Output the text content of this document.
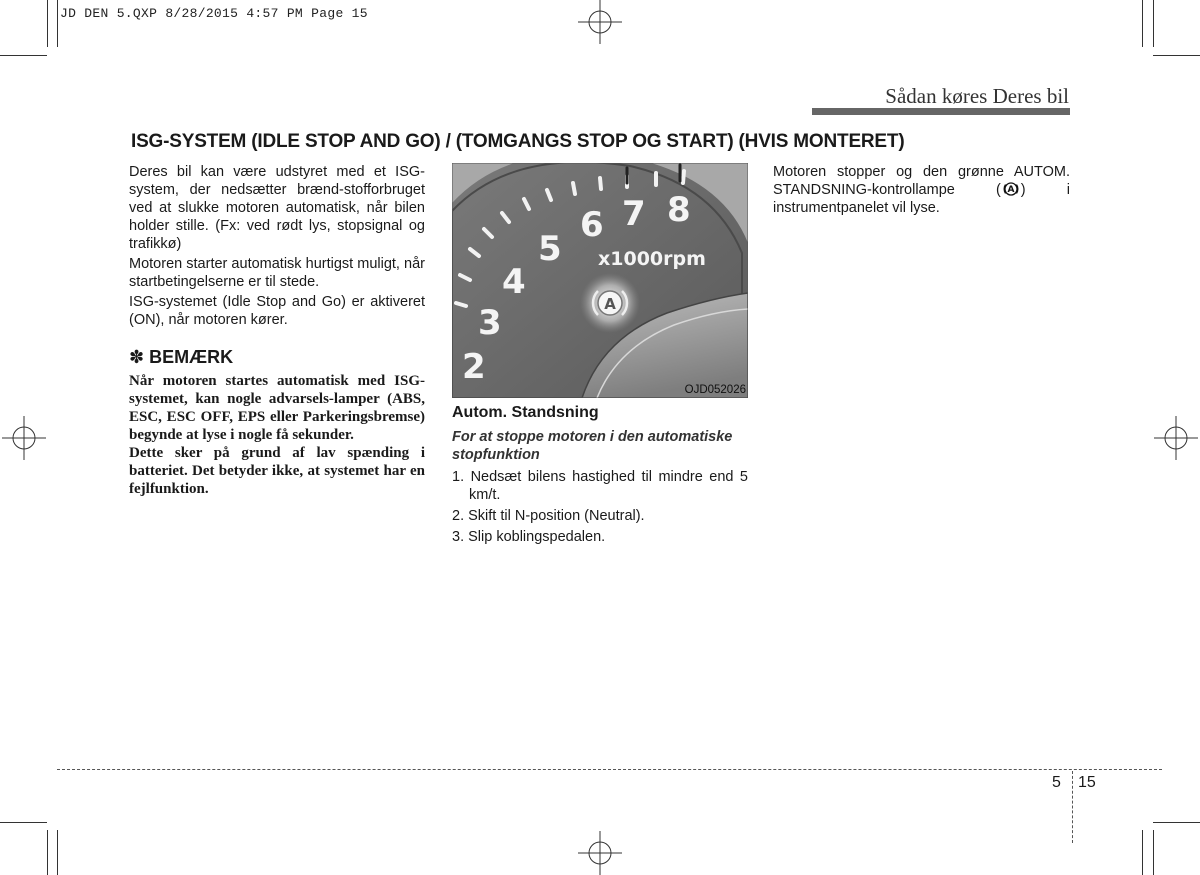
JD DEN 5.QXP 8/28/2015 4:57 PM Page 15
Sådan køres Deres bil
ISG-SYSTEM (IDLE STOP AND GO) / (TOMGANGS STOP OG START) (HVIS MONTERET)

Deres bil kan være udstyret med et ISG-system, der nedsætter brænd-stofforbruget ved at slukke motoren automatisk, når bilen holder stille. (Fx: ved rødt lys, stopsignal og trafikkø)

Motoren starter automatisk hurtigst muligt, når startbetingelserne er til stede.

ISG-systemet (Idle Stop and Go) er aktiveret (ON), når motoren kører.

✽ BEMÆRK

Når motoren startes automatisk med ISG-systemet, kan nogle advarsels-lamper (ABS, ESC, ESC OFF, EPS eller Parkeringsbremse) begynde at lyse i nogle få sekunder.

Dette sker på grund af lav spænding i batteriet. Det betyder ikke, at systemet har en fejlfunktion.

2
3
4
5
6 7 8
x1000rpm
A
OJD052026
Autom. Standsning

For at stoppe motoren i den automatiske stopfunktion

1. Nedsæt bilens hastighed til mindre end 5 km/t.
2. Skift til N-position (Neutral).
3. Slip koblingspedalen.

Motoren stopper og den grønne AUTOM. STANDSNING-kontrollampe ( A ) i instrumentpanelet vil lyse.

5 15
